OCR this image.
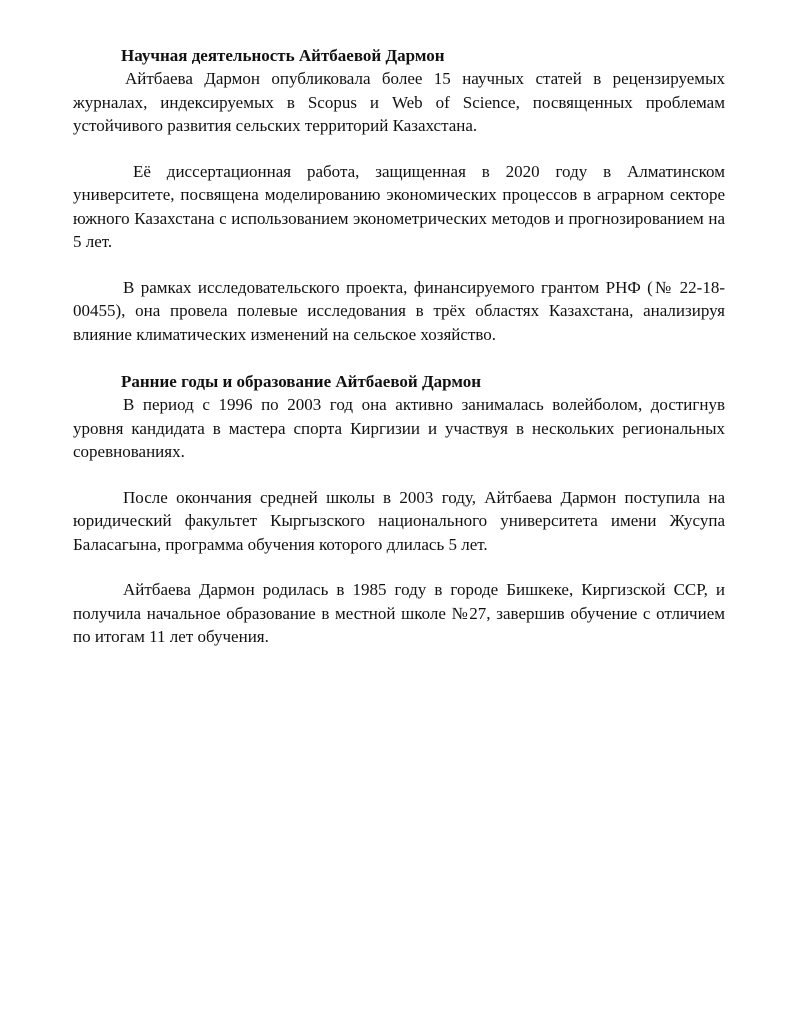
Научная деятельность Айтбаевой Дармон

Айтбаева Дармон опубликовала более 15 научных статей в рецензируемых журналах, индексируемых в Scopus и Web of Science, посвященных проблемам устойчивого развития сельских территорий Казахстана.

Её диссертационная работа, защищенная в 2020 году в Алматинском университете, посвящена моделированию экономических процессов в аграрном секторе южного Казахстана с использованием эконометрических методов и прогнозированием на 5 лет.

В рамках исследовательского проекта, финансируемого грантом РНФ (№ 22-18-00455), она провела полевые исследования в трёх областях Казахстана, анализируя влияние климатических изменений на сельское хозяйство.

Ранние годы и образование Айтбаевой Дармон

В период с 1996 по 2003 год она активно занималась волейболом, достигнув уровня кандидата в мастера спорта Киргизии и участвуя в нескольких региональных соревнованиях.

После окончания средней школы в 2003 году, Айтбаева Дармон поступила на юридический факультет Кыргызского национального университета имени Жусупа Баласагына, программа обучения которого длилась 5 лет.

Айтбаева Дармон родилась в 1985 году в городе Бишкеке, Киргизской ССР, и получила начальное образование в местной школе №27, завершив обучение с отличием по итогам 11 лет обучения.
